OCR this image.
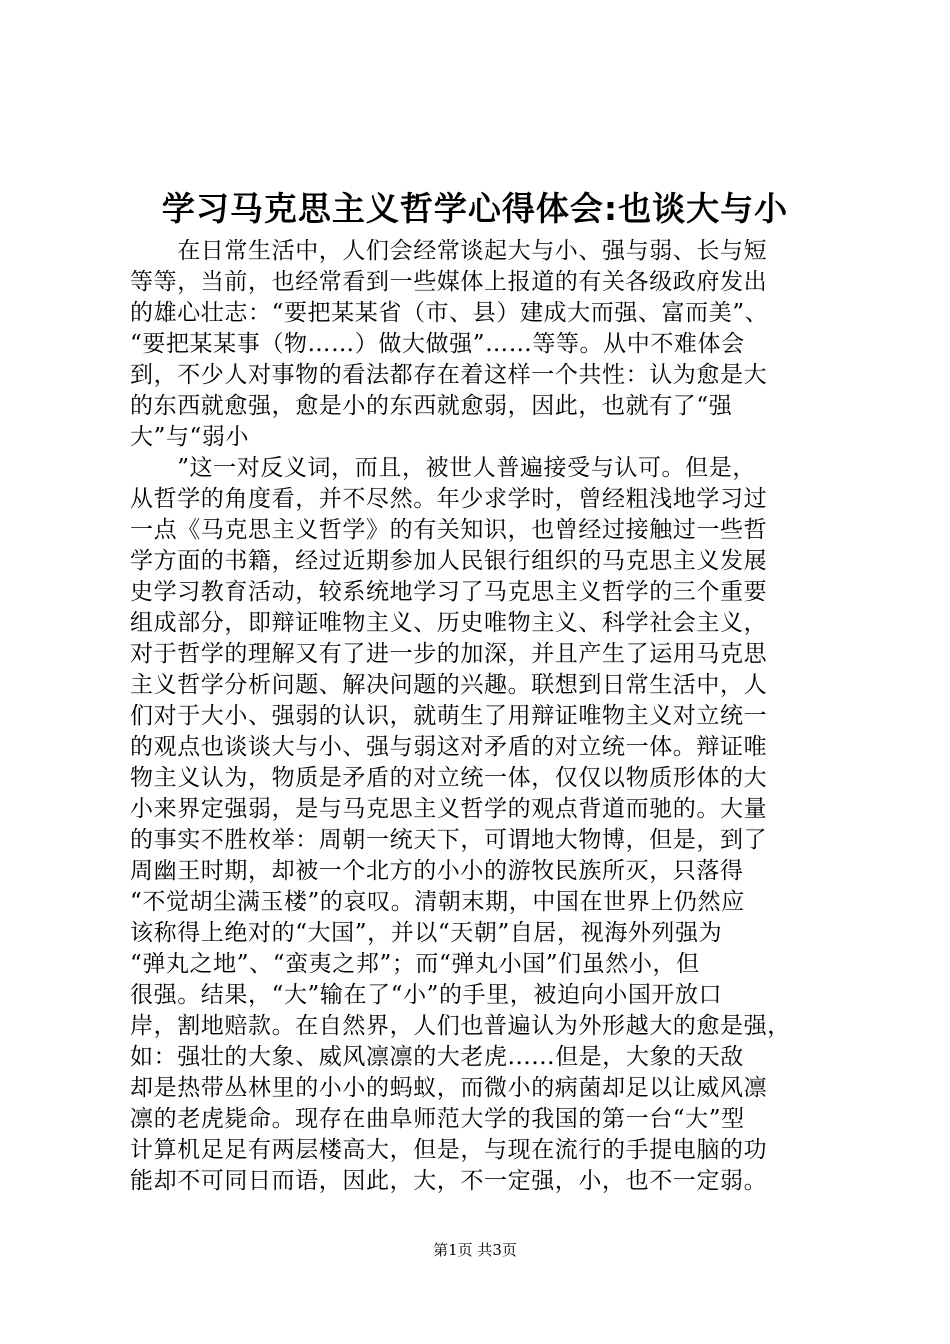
学习马克思主义哲学心得体会:也谈大与小
　　在日常生活中，人们会经常谈起大与小、强与弱、长与短
等等，当前，也经常看到一些媒体上报道的有关各级政府发出
的雄心壮志：“要把某某省（市、县）建成大而强、富而美”、
“要把某某事（物……）做大做强”……等等。从中不难体会
到，不少人对事物的看法都存在着这样一个共性：认为愈是大
的东西就愈强，愈是小的东西就愈弱，因此，也就有了“强
大”与“弱小
　　”这一对反义词，而且，被世人普遍接受与认可。但是，
从哲学的角度看，并不尽然。年少求学时，曾经粗浅地学习过
一点《马克思主义哲学》的有关知识，也曾经过接触过一些哲
学方面的书籍，经过近期参加人民银行组织的马克思主义发展
史学习教育活动，较系统地学习了马克思主义哲学的三个重要
组成部分，即辩证唯物主义、历史唯物主义、科学社会主义，
对于哲学的理解又有了进一步的加深，并且产生了运用马克思
主义哲学分析问题、解决问题的兴趣。联想到日常生活中，人
们对于大小、强弱的认识，就萌生了用辩证唯物主义对立统一
的观点也谈谈大与小、强与弱这对矛盾的对立统一体。辩证唯
物主义认为，物质是矛盾的对立统一体，仅仅以物质形体的大
小来界定强弱，是与马克思主义哲学的观点背道而驰的。大量
的事实不胜枚举：周朝一统天下，可谓地大物博，但是，到了
周幽王时期，却被一个北方的小小的游牧民族所灭，只落得
“不觉胡尘满玉楼”的哀叹。清朝末期，中国在世界上仍然应
该称得上绝对的“大国”，并以“天朝”自居，视海外列强为
“弹丸之地”、“蛮夷之邦”；而“弹丸小国”们虽然小，但
很强。结果，“大”输在了“小”的手里，被迫向小国开放口
岸，割地赔款。在自然界，人们也普遍认为外形越大的愈是强，
如：强壮的大象、威风凛凛的大老虎......但是，大象的天敌
却是热带丛林里的小小的蚂蚁，而微小的病菌却足以让威风凛
凛的老虎毙命。现存在曲阜师范大学的我国的第一台“大”型
计算机足足有两层楼高大，但是，与现在流行的手提电脑的功
能却不可同日而语，因此，大，不一定强，小，也不一定弱。
第1页 共3页
